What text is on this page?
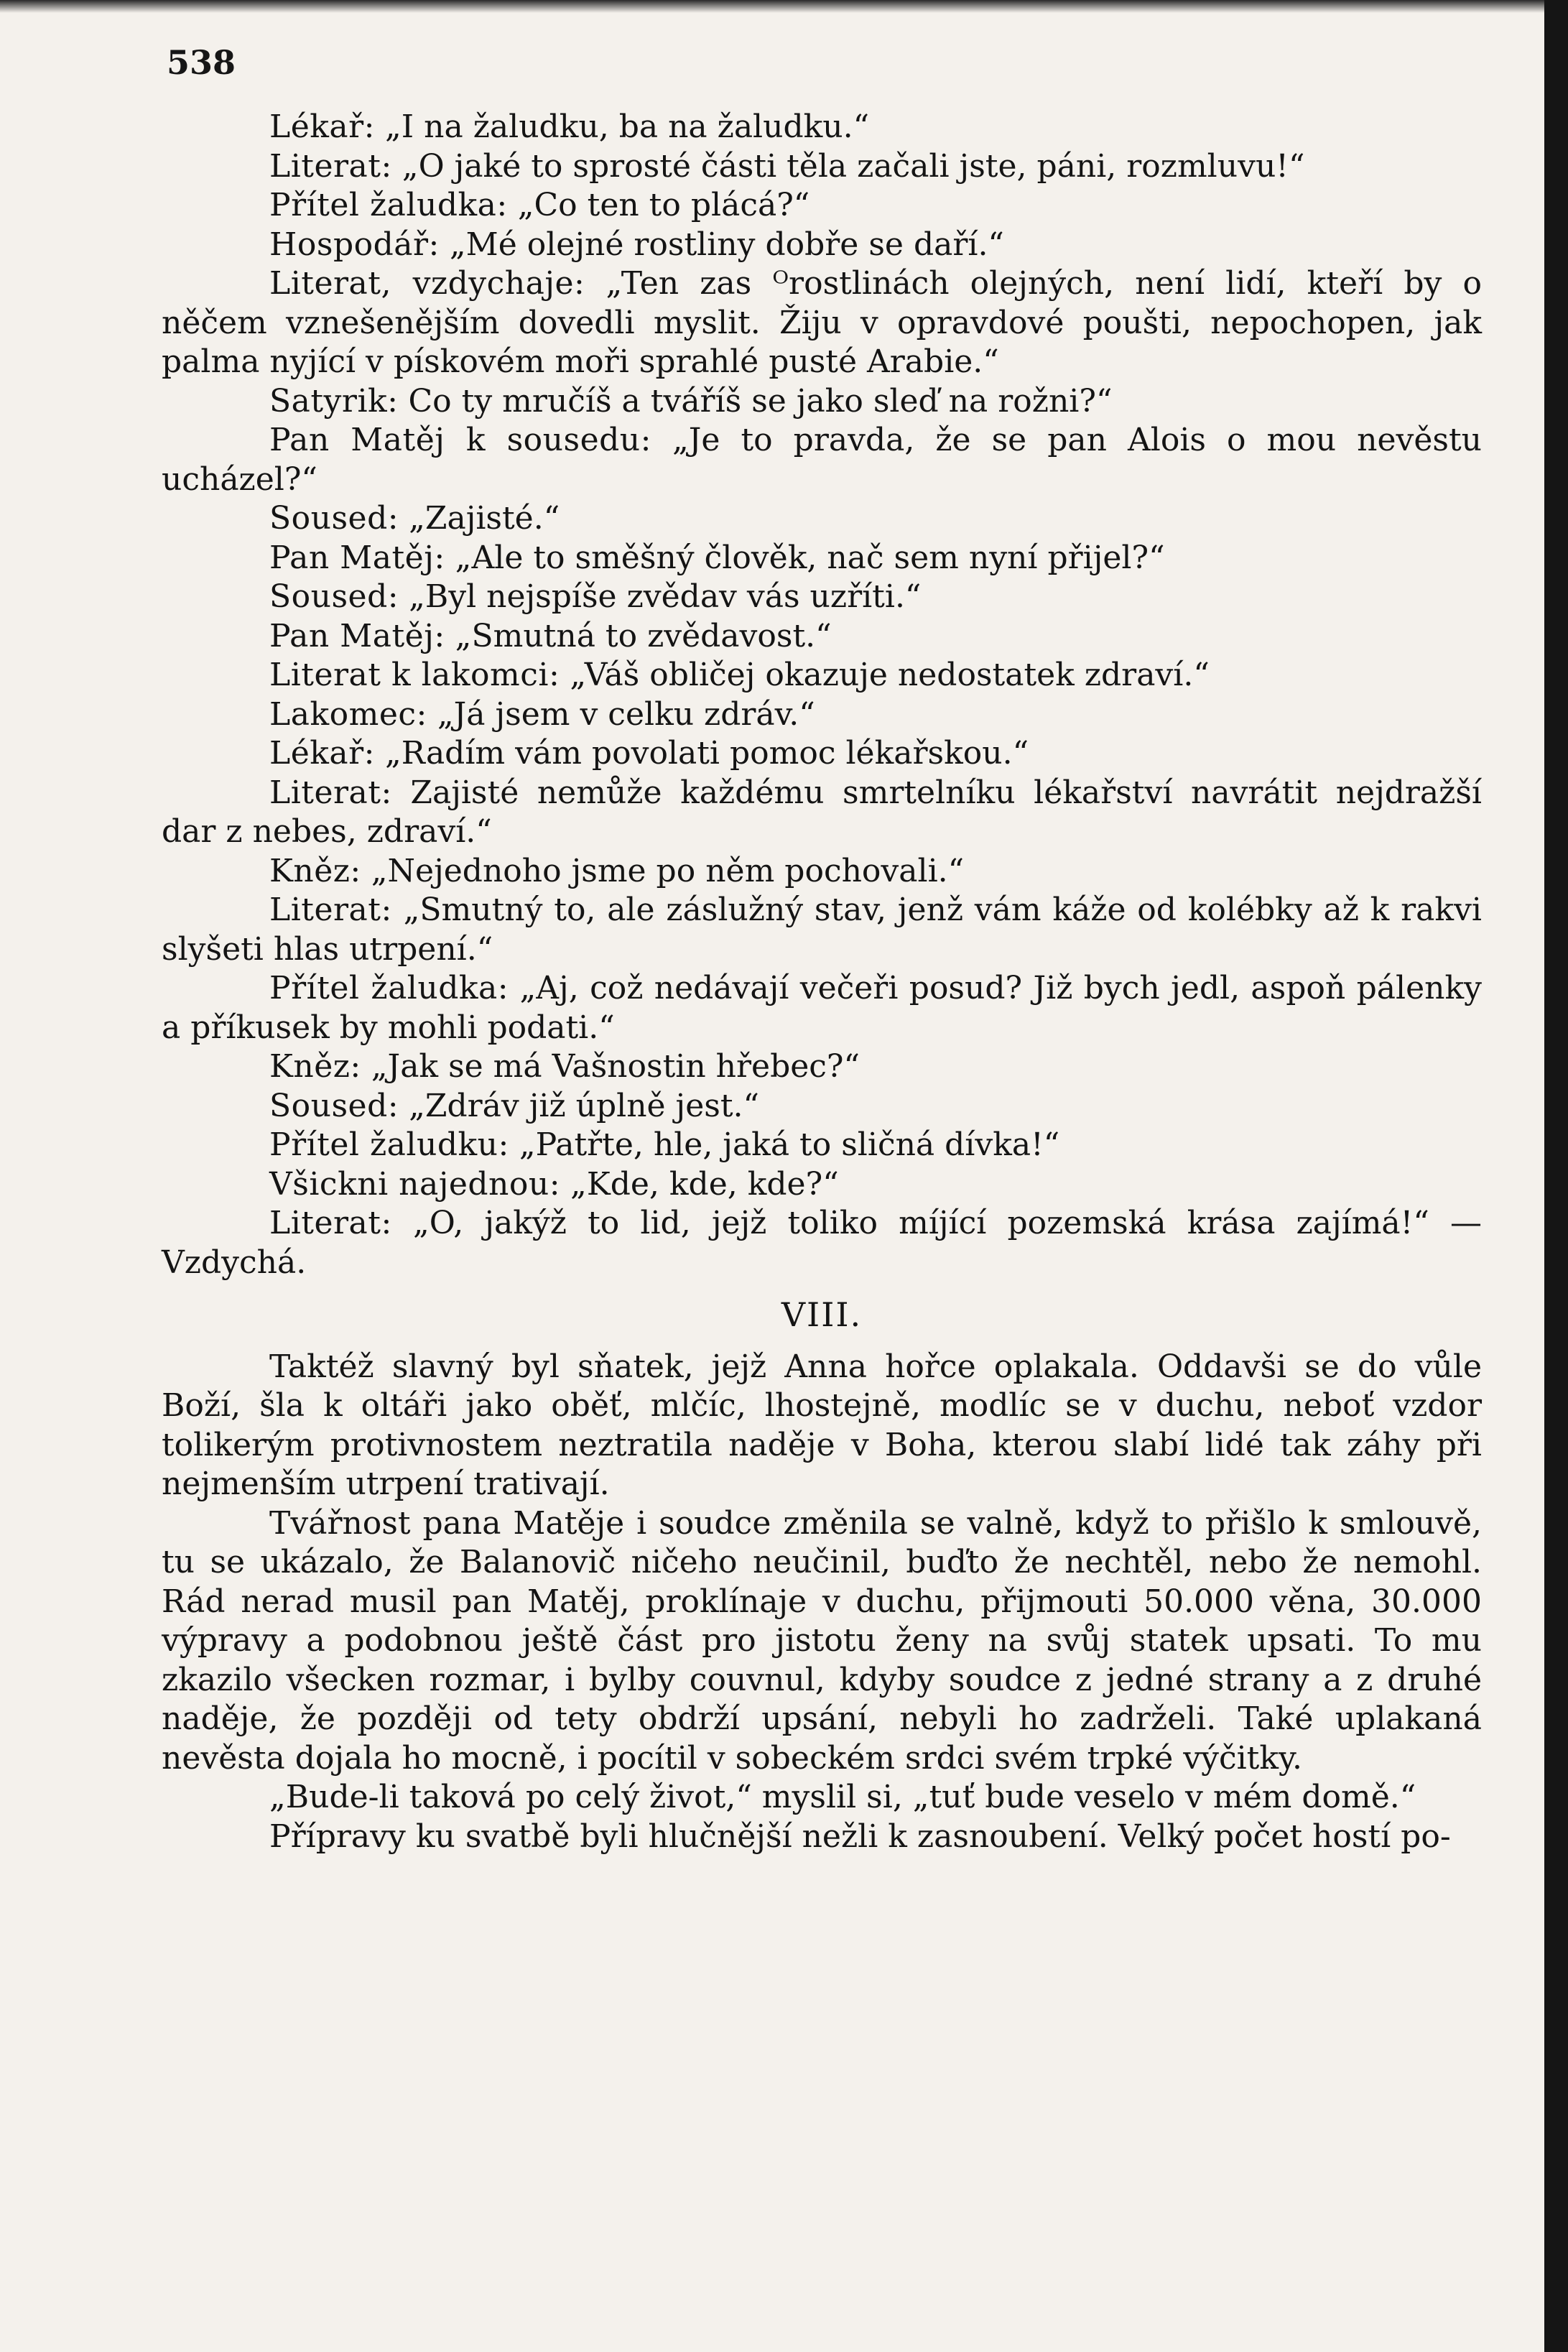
538

Lékař: „I na žaludku, ba na žaludku.“

Literat: „O jaké to sprosté části těla začali jste, páni, rozmluvu!“

Přítel žaludka: „Co ten to plácá?“

Hospodář: „Mé olejné rostliny dobře se daří.“

Literat, vzdychaje: „Ten zas ᴼrostlinách olejných, není lidí, kteří by o něčem vznešenějším dovedli myslit. Žiju v opravdové poušti, nepochopen, jak palma nyjící v pískovém moři sprahlé pusté Arabie.“

Satyrik: Co ty mručíš a tváříš se jako sleď na rožni?“

Pan Matěj k sousedu: „Je to pravda, že se pan Alois o mou nevěstu ucházel?“

Soused: „Zajisté.“

Pan Matěj: „Ale to směšný člověk, nač sem nyní přijel?“

Soused: „Byl nejspíše zvědav vás uzříti.“

Pan Matěj: „Smutná to zvědavost.“

Literat k lakomci: „Váš obličej okazuje nedostatek zdraví.“

Lakomec: „Já jsem v celku zdráv.“

Lékař: „Radím vám povolati pomoc lékařskou.“

Literat: Zajisté nemůže každému smrtelníku lékařství navrátit nejdražší dar z nebes, zdraví.“

Kněz: „Nejednoho jsme po něm pochovali.“

Literat: „Smutný to, ale záslužný stav, jenž vám káže od kolébky až k rakvi slyšeti hlas utrpení.“

Přítel žaludka: „Aj, což nedávají večeři posud? Již bych jedl, aspoň pálenky a příkusek by mohli podati.“

Kněz: „Jak se má Vašnostin hřebec?“

Soused: „Zdráv již úplně jest.“

Přítel žaludku: „Patřte, hle, jaká to sličná dívka!“

Všickni najednou: „Kde, kde, kde?“

Literat: „O, jakýž to lid, jejž toliko míjící pozemská krása zajímá!“ — Vzdychá.

VIII.

Taktéž slavný byl sňatek, jejž Anna hořce oplakala. Oddavši se do vůle Boží, šla k oltáři jako oběť, mlčíc, lhostejně, modlíc se v duchu, neboť vzdor tolikerým protivnostem neztratila naděje v Boha, kterou slabí lidé tak záhy při nejmenším utrpení trativají.

Tvářnost pana Matěje i soudce změnila se valně, když to přišlo k smlouvě, tu se ukázalo, že Balanovič ničeho neučinil, buďto že nechtěl, nebo že nemohl. Rád nerad musil pan Matěj, proklínaje v duchu, přijmouti 50.000 věna, 30.000 výpravy a podobnou ještě část pro jistotu ženy na svůj statek upsati. To mu zkazilo všecken rozmar, i bylby couvnul, kdyby soudce z jedné strany a z druhé naděje, že později od tety obdrží upsání, nebyli ho zadrželi. Také uplakaná nevěsta dojala ho mocně, i pocítil v sobeckém srdci svém trpké výčitky.

„Bude-li taková po celý život,“ myslil si, „tuť bude veselo v mém domě.“

Přípravy ku svatbě byli hlučnější nežli k zasnoubení. Velký počet hostí po-
